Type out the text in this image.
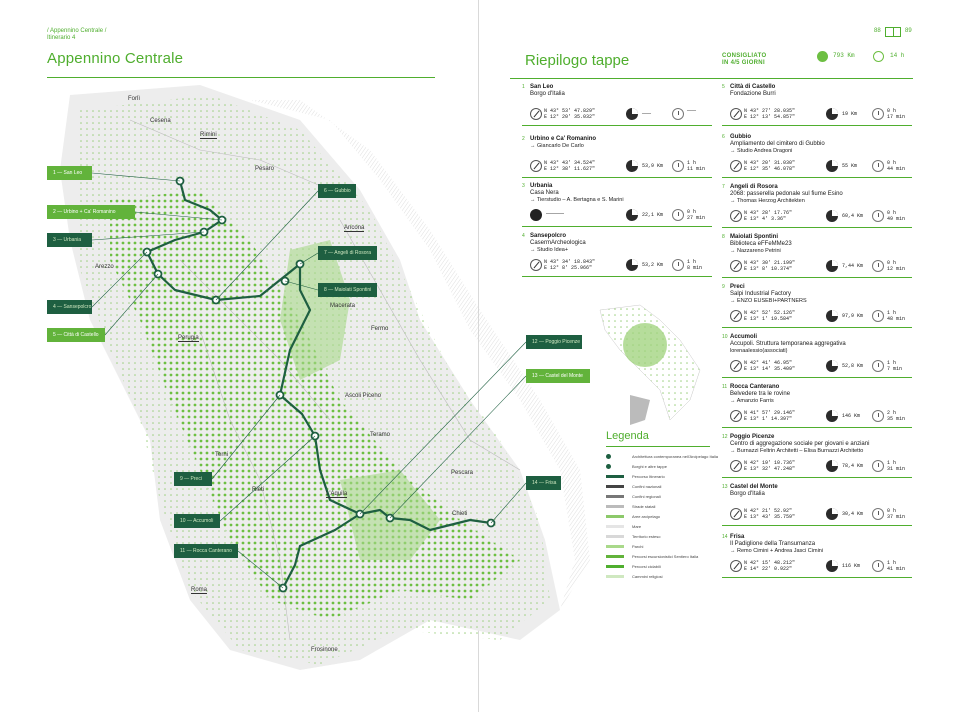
/ Appennino Centrale /
Itinerario 4
Appennino Centrale
Forlì
Cesena
Rimini
Pesaro
Arezzo
Ancona
Macerata
Fermo
Perugia
Ascoli Piceno
Teramo
Terni
Rieti
L'Aquila
Pescara
Chieti
Roma
Frosinone
1 — San Leo
2 — Urbino + Ca' Romanino
3 — Urbania
4 — Sansepolcro
5 — Città di Castello
6 — Gubbio
7 — Angeli di Rosora
8 — Maiolati Spontini
9 — Preci
10 — Accumoli
11 — Rocca Canterano
12 — Poggio Picenze
13 — Castel del Monte
14 — Frisa
88	89
Riepilogo tappe	CONSIGLIATO
IN 4/5 GIORNI
793 Km	14 h
1 San Leo
Borgo d'Italia
N 43° 53' 47.829"
E 12° 20' 35.032"	———	———
2 Urbino e Ca' Romanino
→ Giancarlo De Carlo
N 43° 43' 34.524"
E 12° 38' 11.627"	53,9 Km	1 h
11 min
3 Urbania
Casa Nera
→ Tierstudio – A. Bertagna e S. Marini
———	22,1 Km	0 h
27 min
4 Sansepolcro
CasermArcheologica
→ Studio Idea+
N 43° 34' 18.843"
E 12° 8' 25.966"	53,2 Km	1 h
8 min
5 Città di Castello
Fondazione Burri
N 43° 27' 28.035"
E 12° 13' 54.857"	19 Km	0 h
17 min
6 Gubbio
Ampliamento del cimitero di Gubbio
→ Studio Andrea Dragoni
N 43° 20' 31.030"
E 12° 35' 46.078"	55 Km	0 h
44 min
7 Angeli di Rosora
2068: passerella pedonale sul fiume Esino
→ Thomas Herzog Architekten
N 43° 28' 17.76"
E 13° 4' 3.36"	60,4 Km	0 h
49 min
8 Maiolati Spontini
Biblioteca eFFeMMe23
→ Nazzareno Petrini
N 43° 30' 21.199"
E 13° 8' 10.374"	7,44 Km	0 h
12 min
9 Preci
Salpi Industrial Factory
→ ENZO EUSEBI+PARTNERS
N 42° 52' 52.126"
E 13° 1' 19.584"	97,9 Km	1 h
48 min
10 Accumoli
Accupoli. Struttura temporanea aggregativa
lorenaalessio(associati)
N 42° 41' 46.95"
E 13° 14' 35.409"	52,8 Km	1 h
7 min
11 Rocca Canterano
Belvedere tra le rovine
→ Amanzio Farris
N 41° 57' 29.146"
E 13° 1' 14.397"	146 Km	2 h
35 min
12 Poggio Picenze
Centro di aggregazione sociale per giovani e anziani
→ Burnazzi Feltrin Architetti – Elisa Burnazzi Architetto
N 42° 19' 10.736"
E 13° 32' 47.248"	78,4 Km	1 h
31 min
13 Castel del Monte
Borgo d'Italia
N 42° 21' 52.92"
E 13° 43' 35.759"	30,4 Km	0 h
37 min
14 Frisa
Il Padiglione della Transumanza
→ Remo Cimini + Andrea Jasci Cimini
N 42° 15' 48.212"
E 14° 22' 0.922"	116 Km	1 h
41 min
Legenda
Architettura contemporanea nell'Arcipelago Italia
Borghi e altre tappe
Percorso Itinerario
Confini nazionali
Confini regionali
Strade statali
Aree arcipelago
Mare
Territorio esteso
Parchi
Percorsi escursionistici Sentiero Italia
Percorsi ciclabili
Cammini religiosi
